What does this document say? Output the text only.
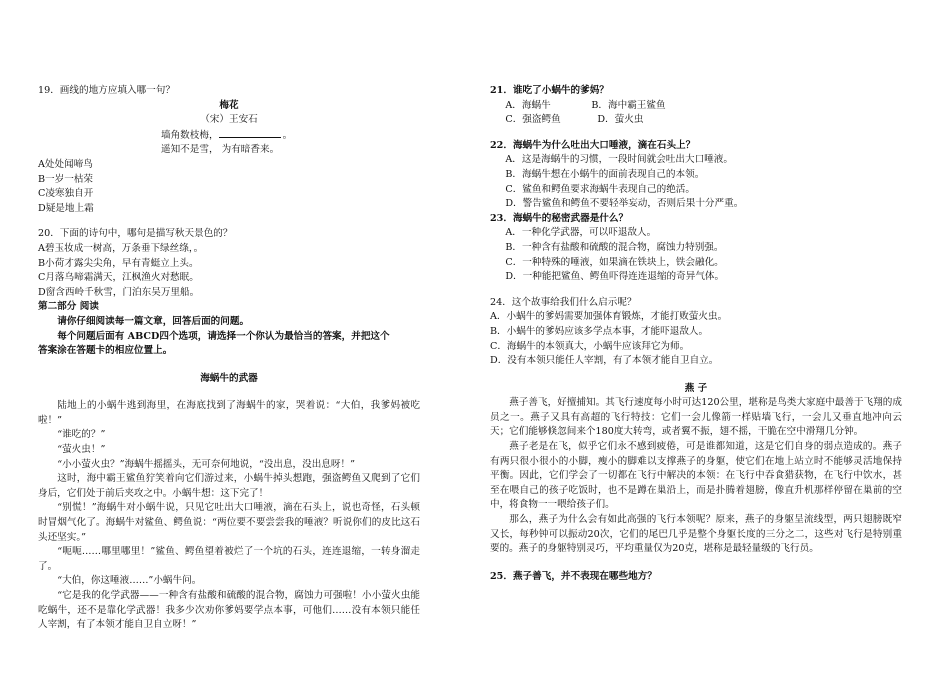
19．画线的地方应填入哪一句？

梅花

（宋）王安石

墙角数枝梅，	。

遥知不是雪， 为有暗香来。

A处处闻啼鸟

B一岁一枯荣

C凌寒独自开

D疑是地上霜

20．下面的诗句中，哪句是描写秋天景色的？

A碧玉妆成一树高，万条垂下绿丝绦，。

B小荷才露尖尖角，早有青蜓立上头。

C月落乌啼霜满天，江枫渔火对愁眠。

D窗含西岭千秋雪，门泊东吴万里船。

第二部分 阅读

请你仔细阅读每一篇文章，回答后面的问题。

每个问题后面有 ABCD四个选项，请选择一个你认为最恰当的答案，并把这个

答案涂在答题卡的相应位置上。

海蜗牛的武器

陆地上的小蜗牛逃到海里，在海底找到了海蜗牛的家，哭着说：“大伯，我爹妈被吃啦！”

“谁吃的？”

“萤火虫！”

“小小萤火虫？”海蜗牛摇摇头，无可奈何地说，“没出息，没出息呀！”

这时，海中霸王鲨鱼狞笑着向它们游过来，小蜗牛掉头想跑，强盗鳄鱼又爬到了它们身后，它们处于前后夹攻之中。小蜗牛想：这下完了！

“别慌！”海蜗牛对小蜗牛说，只见它吐出大口唾液，滴在石头上，说也奇怪，石头顿时冒烟气化了。海蜗牛对鲨鱼、鳄鱼说：“两位要不要尝尝我的唾液？听说你们的皮比这石头还坚实。”

“呃呃……哪里哪里！”鲨鱼、鳄鱼望着被烂了一个坑的石头，连连退缩，一转身溜走了。

“大伯，你这唾液……”小蜗牛问。

“它是我的化学武器——一种含有盐酸和硫酸的混合物，腐蚀力可强啦！小小萤火虫能吃蜗牛，还不是靠化学武器！我多少次劝你爹妈要学点本事，可他们……没有本领只能任人宰割，有了本领才能自卫自立呀！”

21．谁吃了小蜗牛的爹妈？

A．海蜗牛	B．海中霸王鲨鱼

C．强盗鳄鱼	D．萤火虫

22．海蜗牛为什么吐出大口唾液，滴在石头上？

A．这是海蜗牛的习惯，一段时间就会吐出大口唾液。

B．海蜗牛想在小蜗牛的面前表现自己的本领。

C．鲨鱼和鳄鱼要求海蜗牛表现自己的绝活。

D．警告鲨鱼和鳄鱼不要轻举妄动，否则后果十分严重。

23．海蜗牛的秘密武器是什么？

A．一种化学武器，可以吓退敌人。

B．一种含有盐酸和硫酸的混合物，腐蚀力特别强。

C．一种特殊的唾液，如果滴在铁块上，铁会融化。

D．一种能把鲨鱼、鳄鱼吓得连连退缩的奇异气体。

24．这个故事给我们什么启示呢？

A．小蜗牛的爹妈需要加强体育锻炼，才能打败萤火虫。

B．小蜗牛的爹妈应该多学点本事，才能吓退敌人。

C．海蜗牛的本领真大，小蜗牛应该拜它为师。

D．没有本领只能任人宰割，有了本领才能自卫自立。

燕 子

燕子善飞，好擅捕知。其飞行速度每小时可达120公里，堪称是鸟类大家庭中最善于飞翔的成员之一。燕子又具有高超的飞行特技：它们一会儿像箭一样贴墙飞行，一会儿又垂直地冲向云天；它们能够倏忽间来个180度大转弯，或者翼不振，翅不摇，干脆在空中滑翔几分钟。

燕子老是在飞，似乎它们永不感到疲倦，可是谁都知道，这是它们自身的弱点造成的。燕子有两只很小很小的小脚，瘦小的脚难以支撑燕子的身躯，使它们在地上站立时不能够灵活地保持平衡。因此，它们学会了一切都在飞行中解决的本领：在飞行中吞食猎获物，在飞行中饮水，甚至在喂自己的孩子吃饭时，也不是蹲在巢沿上，而是扑腾着翅膀，像直升机那样停留在巢前的空中，将食物一一喂给孩子们。

那么，燕子为什么会有如此高强的飞行本领呢？原来，燕子的身躯呈流线型，两只翅膀既窄又长，每秒钟可以振动20次，它们的尾巴几乎是整个身躯长度的三分之二，这些对飞行是特别重要的。燕子的身躯特别灵巧，平均重量仅为20克，堪称是最轻量级的飞行员。

25．燕子善飞，并不表现在哪些地方？
